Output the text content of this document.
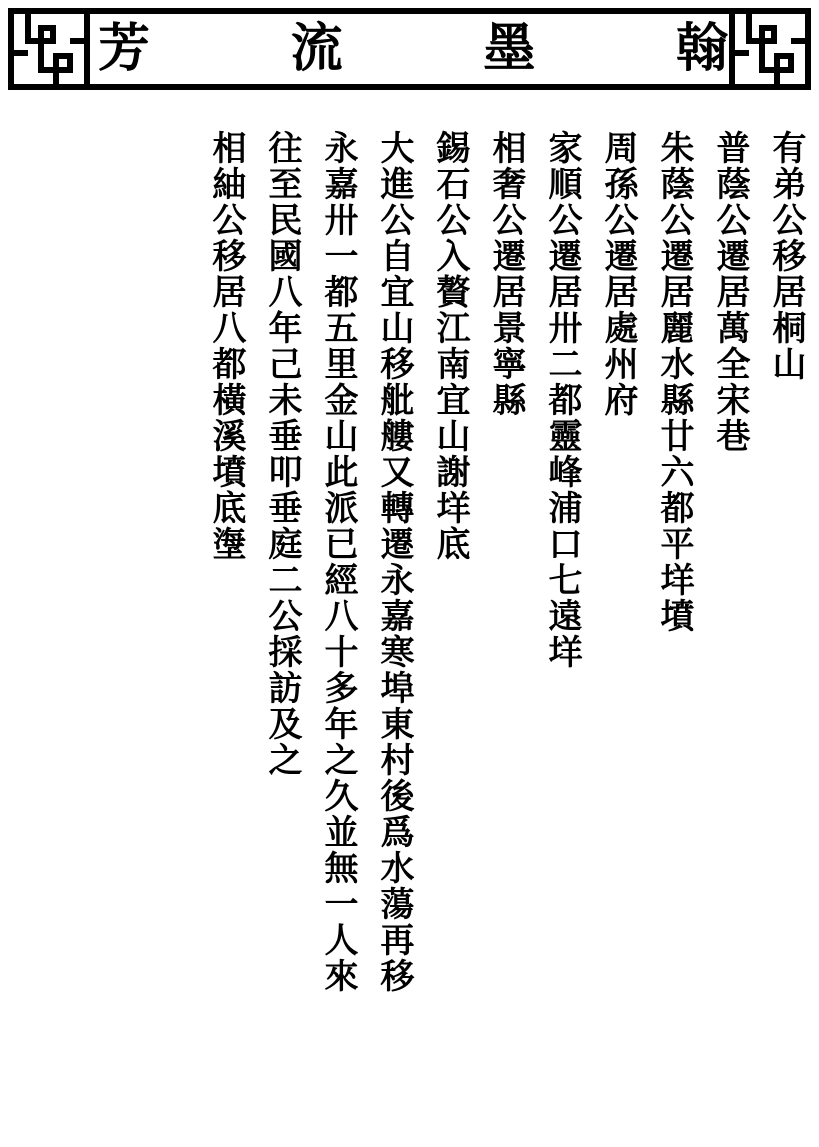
翰
墨
流
芳
有弟公移居桐山
普蔭公遷居萬全宋巷
朱蔭公遷居麗水縣廿六都平垟墳
周孫公遷居處州府
家順公遷居卅二都靈峰浦口七遠垟
相奢公遷居景寧縣
錫石公入贅江南宜山謝垟底
大進公自宜山移舭艛又轉遷永嘉寒埠東村後爲水蕩再移
永嘉卅一都五里金山此派已經八十多年之久並無一人來
往至民國八年己未垂叩垂庭二公採訪及之
相紬公移居八都橫溪墳底塰
